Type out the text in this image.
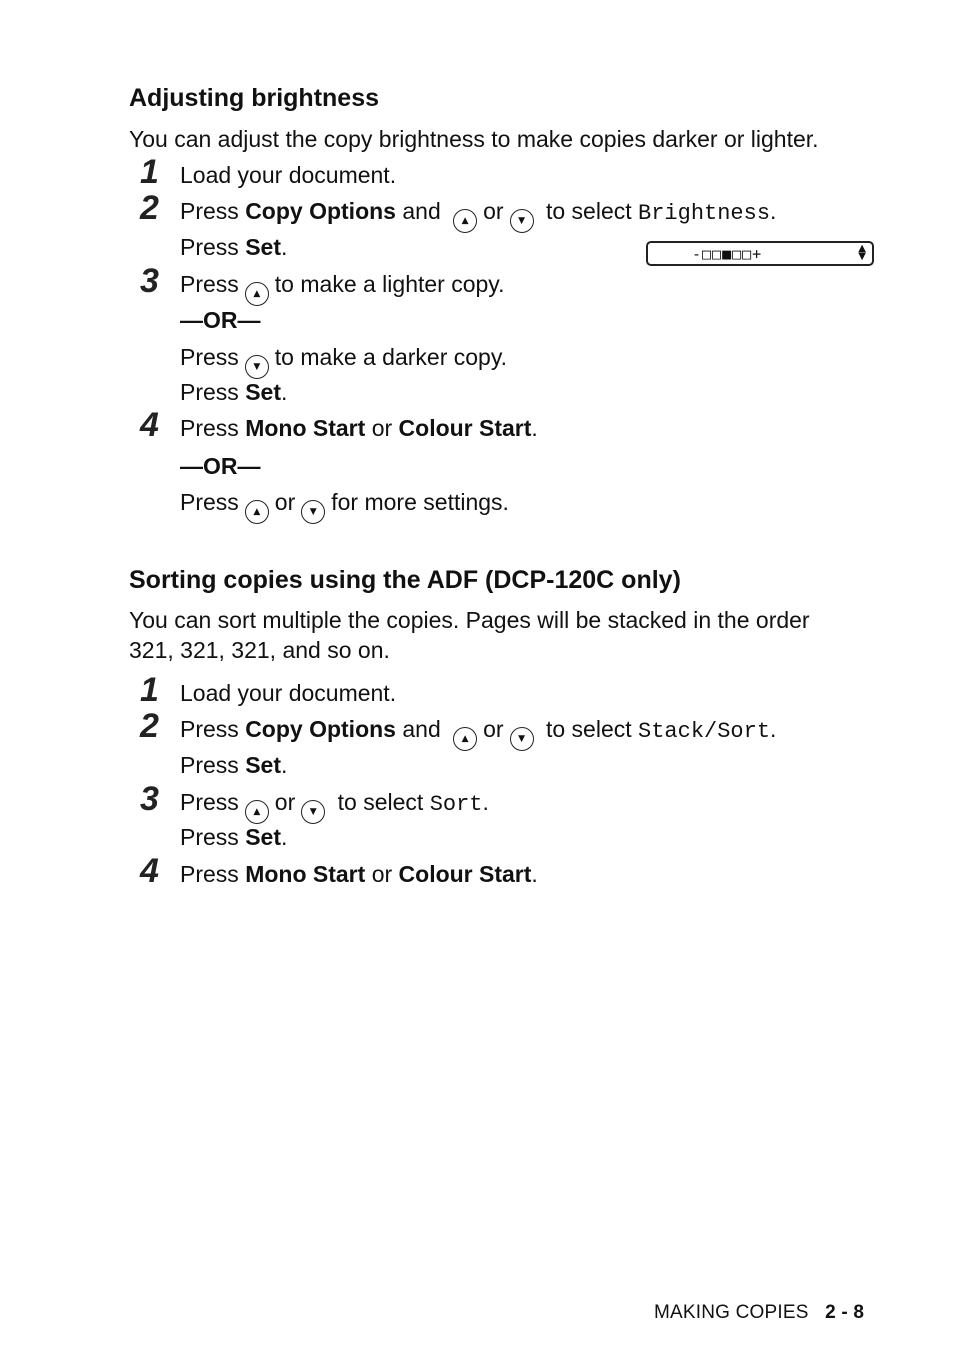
Adjusting brightness
You can adjust the copy brightness to make copies darker or lighter.
1 Load your document.
2 Press Copy Options and ▲ or ▼ to select Brightness.
Press Set.	-□□■□□+	▲
▼
3 Press ▲ to make a lighter copy.
—OR—
Press ▼ to make a darker copy.
Press Set.
4 Press Mono Start or Colour Start.
—OR—
Press ▲ or ▼ for more settings.
Sorting copies using the ADF (DCP-120C only)
You can sort multiple the copies. Pages will be stacked in the order
321, 321, 321, and so on.
1 Load your document.
2 Press Copy Options and ▲ or ▼ to select Stack/Sort.
Press Set.
3 Press ▲ or ▼ to select Sort.
Press Set.
4 Press Mono Start or Colour Start.
MAKING COPIES 2 - 8
